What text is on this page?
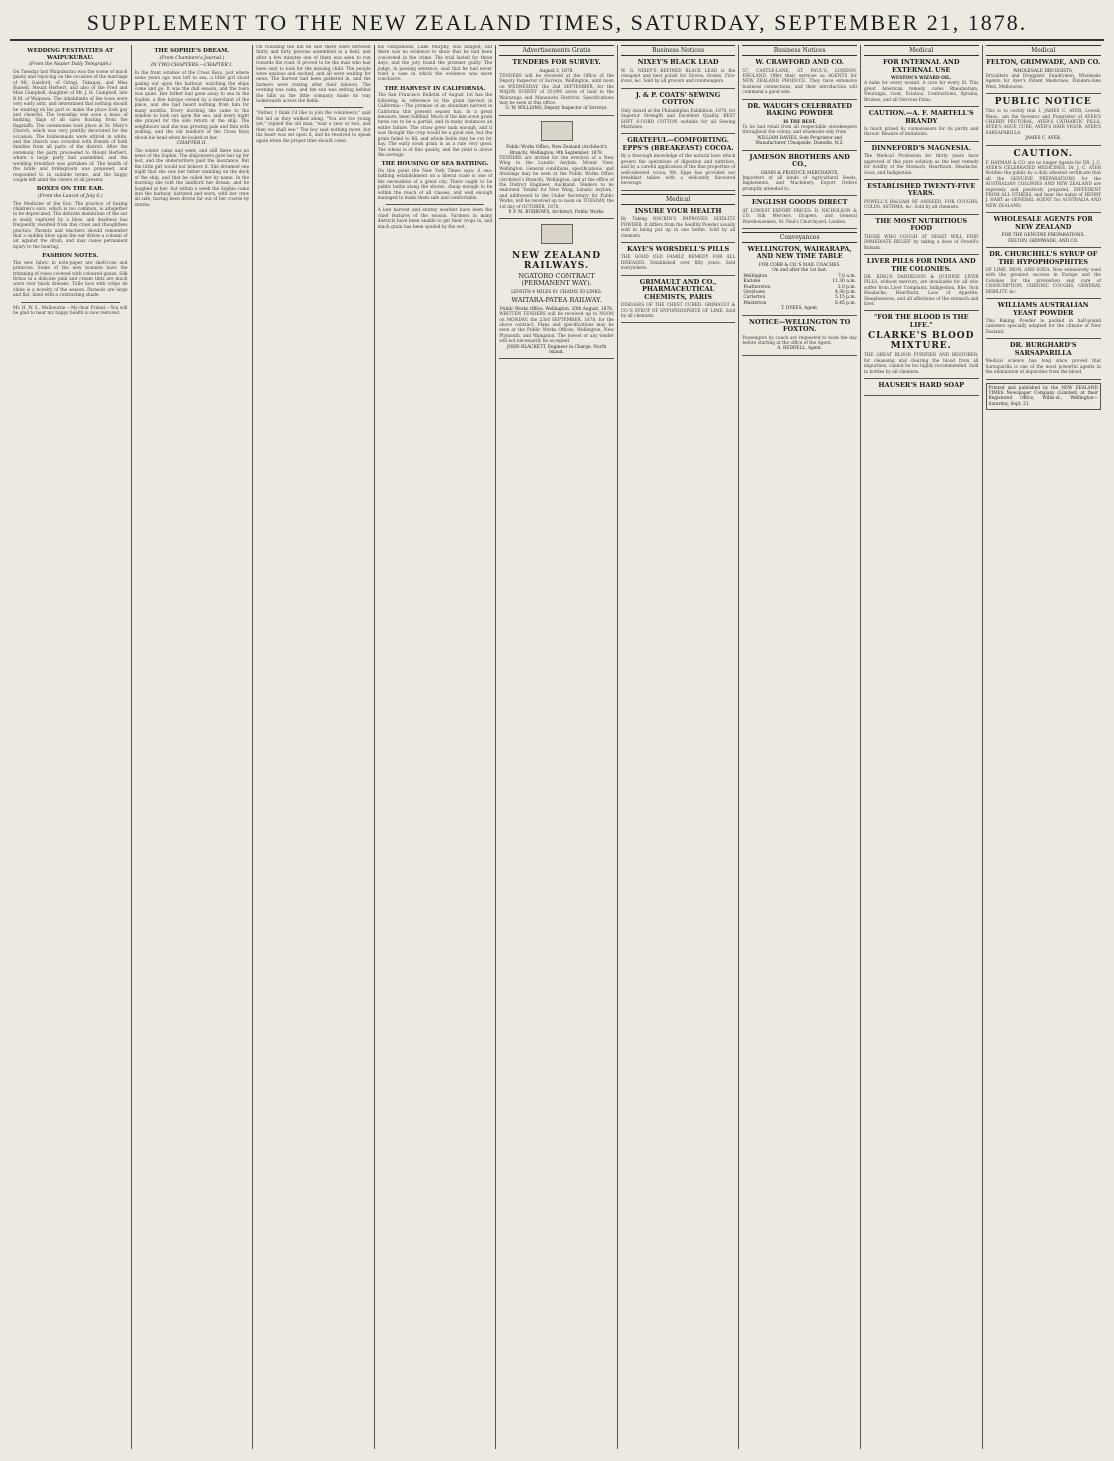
SUPPLEMENT TO THE NEW ZEALAND TIMES, SATURDAY, SEPTEMBER 21, 1878.
WEDDING FESTIVITIES AT WAIPUKURAU.
(From the Napier Daily Telegraph.)
On Tuesday last Waipukurau was the scene of much gaiety and rejoicing on the occasion of the marriage of Mr. Gaisford, of Oringi, Takapau, and Miss Russell, Mount Herbert, and also of the Fred and Miss Campbell, daughter of Mr. J. H. Campbell, late R.M. of Waipawa. The inhabitants of the town were very early astir, and determined that nothing should be wanting on his part to make the place look gay and cheerful. The township was soon a mass of bunting, flags of all sizes floating from the flagstaffs. The ceremonies took place at St. Mary's Church, which was very prettily decorated for the occasion. The bridesmaids were attired in white, and the church was crowded with friends of both families from all parts of the district. After the ceremony the party proceeded to Mount Herbert, where a large party had assembled, and the wedding breakfast was partaken of. The health of the bride and bridegroom was proposed, and responded to in suitable terms, and the happy couple left amid the cheers of all present.
BOXES ON THE EAR.
(From the Lancet of July 6.)
The Medicine of the Ear: The practice of boxing children's ears, which is too common, is altogether to be deprecated. The delicate membrane of the ear is easily ruptured by a blow, and deafness has frequently resulted from this cruel and thoughtless practice. Parents and teachers should remember that a sudden blow upon the ear drives a column of air against the drum, and may cause permanent injury to the hearing.
FASHION NOTES.
The new fabric in note-paper are shell-rose and primrose. Some of the new bonnets have the trimming of roses covered with coloured gauze. Silk fichus in a delicate pink and cream tints are much worn over black dresses. Tulle lace with crêpe de chine is a novelty of the season. Parasols are large and flat, lined with a contrasting shade.
Mr. H. W. S., Melbourne.—My dear Friend,—You will be glad to hear my happy health is now restored.
THE SOPHIE'S DREAM.
(From Chambers's Journal.)
IN TWO CHAPTERS.—CHAPTER I.
In the front window of the Cross Keys, just where some years ago was left to sea, a little girl stood gazing out upon the harbour, watching the ships come and go. It was the dull season, and the town was quiet. Her father had gone away to sea in the Sophie, a fine barque owned by a merchant of the place, and she had heard nothing from him for many months. Every morning she came to the window to look out upon the sea, and every night she prayed for the safe return of the ship. The neighbours said she was growing pale and thin with waiting, and the old landlord of the Cross Keys shook his head when he looked at her.
CHAPTER II.
The winter came and went, and still there was no news of the Sophie. The shipowners gave her up for lost, and the underwriters paid the insurance. But the little girl would not believe it. She dreamed one night that she saw her father standing on the deck of the ship, and that he called her by name. In the morning she told the landlord her dream, and he laughed at her; but within a week the Sophie came into the harbour, battered and worn, with her crew all safe, having been driven far out of her course by storms.
On rounding the hill he saw there were between thirty and forty persons assembled in a field, and after a few minutes one of them was seen to run towards the road. It proved to be the man who had been sent to look for the missing child. The people were anxious and excited, and all were waiting for news. The harvest had been gathered in, and the farmers were resting after their labours. The evening was calm, and the sun was setting behind the hills as the little company made its way homewards across the fields.
"Father, I think I'd like to join the volunteers," said the lad as they walked along. "You are too young yet," replied the old man; "wait a year or two, and then we shall see." The boy said nothing more, but his heart was set upon it, and he resolved to speak again when the proper time should come.
his companions, Luke Murphy, was hanged; but there was no evidence to show that he had been concerned in the crime. The trial lasted for three days, and the jury found the prisoner guilty. The judge, in passing sentence, said that he had never tried a case in which the evidence was more conclusive.
THE HARVEST IN CALIFORNIA.
The San Francisco Bulletin of August 1st has the following in reference to the grain harvest in California:—The promise of an abundant harvest in California this present season has, in a great measure, been fulfilled. Much of the late sown grain turns out to be a partial, and in many instances an entire failure. The straw grew rank enough, and it was thought the crop would be a good one; but the grain failed to fill, and whole fields may be cut for hay. The early sown grain is as a rule very good. The wheat is of fine quality, and the yield is above the average.
THE HOUSING OF SEA BATHING.
On this point the New York Times says: A sea-bathing establishment on a liberal scale is one of the necessities of a great city. There ought to be public baths along the shores, cheap enough to be within the reach of all classes, and well enough managed to make them safe and comfortable.
A late harvest and stormy weather have been the chief features of the season. Farmers in many districts have been unable to get their crops in, and much grain has been spoiled by the wet.
Advertisements Gratis
TENDERS FOR SURVEY.
August 3, 1878.
TENDERS will be received at the Office of the Deputy Inspector of Surveys, Wellington, until noon on WEDNESDAY, the 2nd SEPTEMBER, for the MAJOR SURVEY of 20,000 acres of land in the Wairarapa and Manawatu Districts. Specifications may be seen at this office.
G. W. WILLIAMS, Deputy Inspector of Surveys.
Public Works Office, New Zealand (Architect's Branch), Wellington, 9th September, 1878.
TENDERS are invited for the erection of a New Wing to the Lunatic Asylum, Mount View, Wellington. General conditions, specifications, and drawings may be seen at the Public Works Office (Architect's Branch), Wellington, and at the office of the District Engineer, Auckland. Tenders to be endorsed 'Tender for New Wing, Lunatic Asylum,' and addressed to the Under Secretary for Public Works, will be received up to noon on TUESDAY, the 1st day of OCTOBER, 1878.
P. F. M. BURROWS, Architect, Public Works.
NEW ZEALAND RAILWAYS.
NGATORO CONTRACT (PERMANENT WAY).
LENGTH 4 MILES 61 CHAINS 50 LINKS.
WAITARA-PATEA RAILWAY.
Public Works Office, Wellington, 20th August, 1878.
WRITTEN TENDERS will be received up to NOON on MONDAY, the 23rd SEPTEMBER, 1878, for the above contract. Plans and specifications may be seen at the Public Works Offices, Wellington, New Plymouth, and Wanganui. The lowest or any tender will not necessarily be accepted.
JOHN BLACKETT, Engineer in Charge, North Island.
Business Notices
NIXEY'S BLACK LEAD
W. G. NIXEY'S REFINED BLACK LEAD is the cheapest and best polish for Stoves, Grates, Fire-irons, &c. Sold by all grocers and ironmongers.
J. & P. COATS' SEWING COTTON
Only Award at the Philadelphia Exhibition, 1876, for Superior Strength and Excellent Quality. BEST SOFT 6-CORD COTTON suitable for all Sewing Machines.
GRATEFUL—COMFORTING. EPPS'S (BREAKFAST) COCOA.
By a thorough knowledge of the natural laws which govern the operations of digestion and nutrition, and by a careful application of the fine properties of well-selected cocoa, Mr. Epps has provided our breakfast tables with a delicately flavoured beverage.
Medical
INSURE YOUR HEALTH
By Taking HOCKIN'S IMPROVED SEIDLITZ POWDER. It differs from the Seidlitz Powder usually sold in being put up in one bottle. Sold by all chemists.
KAYE'S WORSDELL'S PILLS
THE GOOD OLD FAMILY REMEDY FOR ALL DISEASES. Established over fifty years. Sold everywhere.
GRIMAULT AND CO., PHARMACEUTICAL CHEMISTS, PARIS
DISEASES OF THE CHEST CURED. GRIMAULT & CO.'S SYRUP OF HYPOPHOSPHITE OF LIME. Sold by all chemists.
Business Notices
W. CRAWFORD AND CO.
57, CASTLE-LANE, ST. PAUL'S, LONDON, ENGLAND. Offer their services as AGENTS for NEW ZEALAND PRODUCE. They have extensive business connections, and their introduction will command a good sale.
DR. WAUGH'S CELEBRATED BAKING POWDER
IS THE BEST.
To be had retail from all respectable storekeepers throughout the colony, and wholesale only from
WILLIAM DAVIES, Sole Proprietor and Manufacturer, Cheapside, Dunedin, N.Z.
JAMESON BROTHERS AND CO.,
GRAIN & PRODUCE MERCHANTS,
Importers of all kinds of Agricultural Seeds, Implements, and Machinery. Export Orders promptly attended to.
ENGLISH GOODS DIRECT
AT LOWEST EXPORT PRICES. D. NICHOLSON & CO. Silk Mercers, Drapers, and General Warehousemen, St. Paul's Churchyard, London.
Conveyances
WELLINGTON, WAIRARAPA, AND NEW TIME TABLE
FOR COBB & CO.'S MAIL COACHES.
On and after the 1st inst.
Wellington	7.0 a.m.
Kaitoke	11.30 a.m.
Featherston	3.0 p.m.
Greytown	4.30 p.m.
Carterton	5.15 p.m.
Masterton	6.45 p.m.
T. DYKES, Agent.
NOTICE—WELLINGTON TO FOXTON.
Passengers by coach are requested to book the day before starting at the office of the Agent.
A. REDDELL, Agent.
Medical
FOR INTERNAL AND EXTERNAL USE
WESTON'S WIZARD OIL.
A balm for every wound. A cure for every ill. This great American remedy cures Rheumatism, Neuralgia, Gout, Sciatica, Contractions, Sprains, Bruises, and all Nervous Pains.
CAUTION.—A. F. MARTELL'S BRANDY
Is much prized by connoisseurs for its purity and flavour. Beware of imitations.
DINNEFORD'S MAGNESIA.
The Medical Profession for thirty years have approved of this pure solution as the best remedy for Acidity of the Stomach, Heartburn, Headache, Gout, and Indigestion.
ESTABLISHED TWENTY-FIVE YEARS.
POWELL'S BALSAM OF ANISEED, FOR COUGHS, COLDS, ASTHMA, &c. Sold by all chemists.
THE MOST NUTRITIOUS FOOD
THOSE WHO COUGH AT NIGHT WILL FIND IMMEDIATE RELIEF by taking a dose of Powell's Balsam.
LIVER PILLS FOR INDIA AND THE COLONIES.
DR. KING'S DANDELION & QUININE LIVER PILLS, without mercury, are invaluable for all who suffer from Liver Complaint, Indigestion, Bile, Sick Headache, Heartburn, Loss of Appetite, Sleeplessness, and all affections of the stomach and liver.
"FOR THE BLOOD IS THE LIFE."
CLARKE'S BLOOD MIXTURE.
THE GREAT BLOOD PURIFIER AND RESTORER, for cleansing and clearing the blood from all impurities, cannot be too highly recommended. Sold in bottles by all chemists.
HAUSER'S HARD SOAP
Medical
FELTON, GRIMWADE, AND CO.
WHOLESALE DRUGGISTS,
Drysalters and Druggists' Sundrymen, Wholesale Agents for Ayer's Patent Medicines, Flinders-lane West, Melbourne.
PUBLIC NOTICE
This is to certify that I, JAMES C. AYER, Lowell, Mass., am the Inventor and Proprietor of AYER'S CHERRY PECTORAL, AYER'S CATHARTIC PILLS, AYER'S AGUE CURE, AYER'S HAIR VIGOR, AYER'S SARSAPARILLA.
JAMES C. AYER.
CAUTION.
F. HAYMAN & CO. are no longer Agents for DR. J. C. AYER'S CELEBRATED MEDICINES. Dr. J. C. AYER Notifies the public by a duly attested certificate that all the GENUINE PREPARATIONS for the AUSTRALIAN COLONIES AND NEW ZEALAND are expressly and positively prepared, DIFFERENT FROM ALL OTHERS, and bear the name of HENRY J. HART as GENERAL AGENT for AUSTRALIA AND NEW ZEALAND.
WHOLESALE AGENTS FOR NEW ZEALAND
FOR THE GENUINE PREPARATIONS.
FELTON, GRIMWADE, AND CO.
DR. CHURCHILL'S SYRUP OF THE HYPOPHOSPHITES
OF LIME, IRON, AND SODA. Now extensively used with the greatest success in Europe and the Colonies for the prevention and cure of CONSUMPTION, CHRONIC COUGHS, GENERAL DEBILITY, &c.
WILLIAMS AUSTRALIAN YEAST POWDER
This Baking Powder is packed in half-pound canisters specially adapted for the climate of New Zealand.
DR. BURGHARD'S SARSAPARILLA
Medical science has long since proved that Sarsaparilla is one of the most powerful agents in the elimination of impurities from the blood.
Printed and published by the NEW ZEALAND TIMES Newspaper Company (Limited) at their Registered Office, Willis-st., Wellington—Saturday, Sept. 21.
